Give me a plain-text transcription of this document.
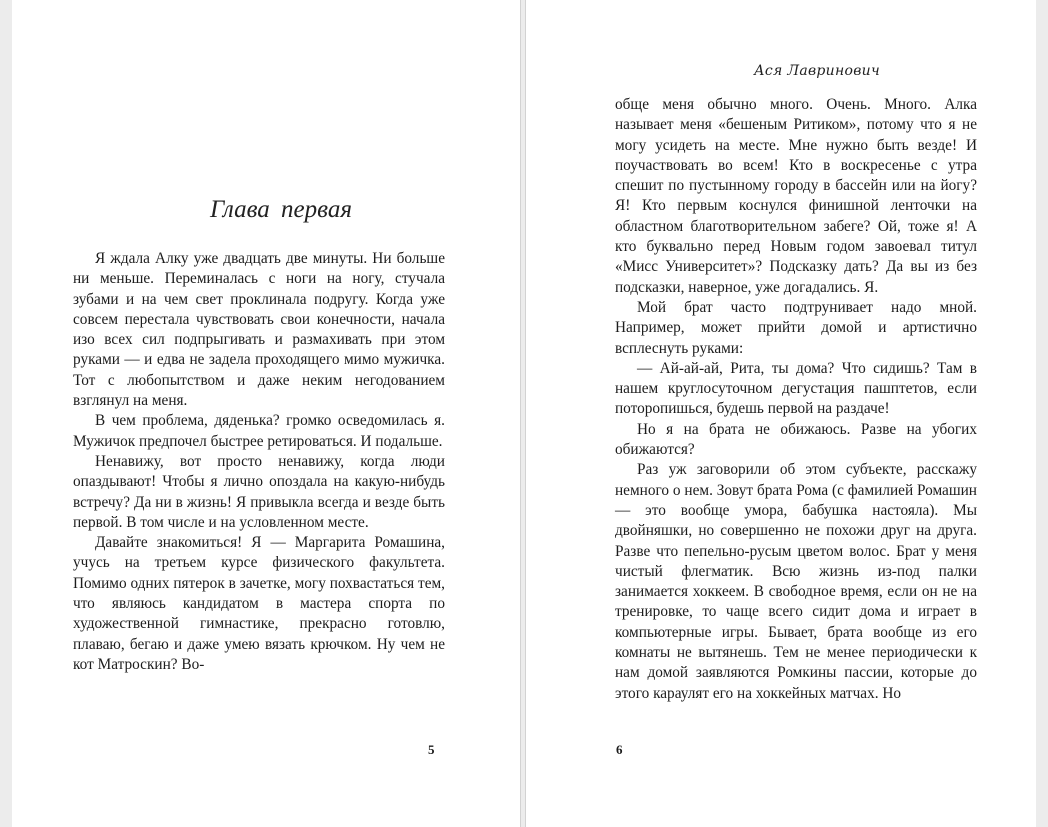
Глава первая

Я ждала Алку уже двадцать две минуты. Ни больше ни меньше. Переминалась с ноги на ногу, стучала зубами и на чем свет проклинала подругу. Когда уже совсем перестала чувствовать свои конечности, начала изо всех сил подпрыгивать и размахивать при этом руками — и едва не задела проходящего мимо мужичка. Тот с любопытством и даже неким негодованием взглянул на меня.

В чем проблема, дяденька? громко осведомилась я. Мужичок предпочел быстрее ретироваться. И подальше.

Ненавижу, вот просто ненавижу, когда люди опаздывают! Чтобы я лично опоздала на какую-нибудь встречу? Да ни в жизнь! Я привыкла всегда и везде быть первой. В том числе и на условленном месте.

Давайте знакомиться! Я — Маргарита Ромашина, учусь на третьем курсе физического факультета. Помимо одних пятерок в зачетке, могу похвастаться тем, что являюсь кандидатом в мастера спорта по художественной гимнастике, прекрасно готовлю, плаваю, бегаю и даже умею вязать крючком. Ну чем не кот Матроскин? Во-

5
Ася Лавринович

обще меня обычно много. Очень. Много. Алка называет меня «бешеным Ритиком», потому что я не могу усидеть на месте. Мне нужно быть везде! И поучаствовать во всем! Кто в воскресенье с утра спешит по пустынному городу в бассейн или на йогу? Я! Кто первым коснулся финишной ленточки на областном благотворительном забеге? Ой, тоже я! А кто буквально перед Новым годом завоевал титул «Мисс Университет»? Подсказку дать? Да вы из без подсказки, наверное, уже догадались. Я.

Мой брат часто подтрунивает надо мной. Например, может прийти домой и артистично всплеснуть руками:

— Ай-ай-ай, Рита, ты дома? Что сидишь? Там в нашем круглосуточном дегустация пашптетов, если поторопишься, будешь первой на раздаче!

Но я на брата не обижаюсь. Разве на убогих обижаются?

Раз уж заговорили об этом субъекте, расскажу немного о нем. Зовут брата Рома (с фамилией Ромашин — это вообще умора, бабушка настояла). Мы двойняшки, но совершенно не похожи друг на друга. Разве что пепельно-русым цветом волос. Брат у меня чистый флегматик. Всю жизнь из-под палки занимается хоккеем. В свободное время, если он не на тренировке, то чаще всего сидит дома и играет в компьютерные игры. Бывает, брата вообще из его комнаты не вытянешь. Тем не менее периодически к нам домой заявляются Ромкины пассии, которые до этого караулят его на хоккейных матчах. Но

6
